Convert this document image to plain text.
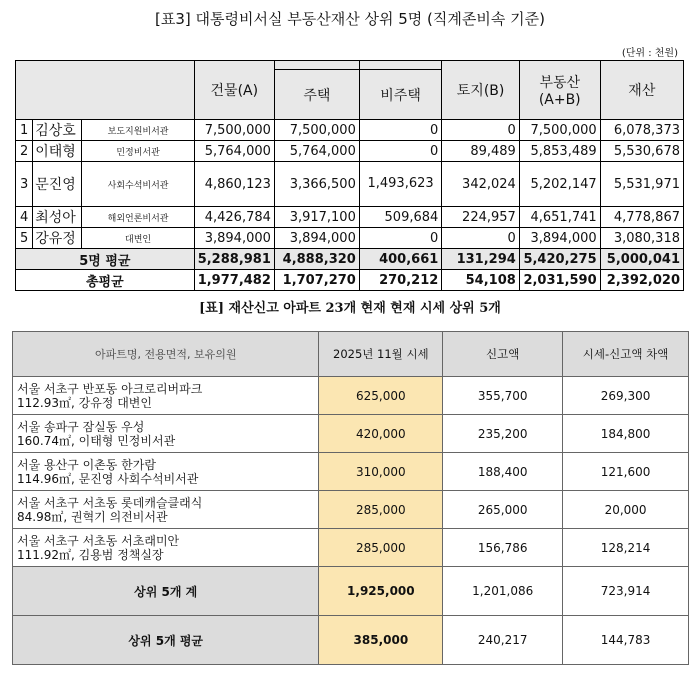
[표3] 대통령비서실 부동산재산 상위 5명 (직계존비속 기준)
(단위 : 천원)
			건물(A)			토지(B)	부동산(A+B)	재산
				주택	비주택			
1	김상호	보도지원비서관	7,500,000	7,500,000	0	0	7,500,000	6,078,373
2	이태형	민정비서관	5,764,000	5,764,000	0	89,489	5,853,489	5,530,678
3	문진영	사회수석비서관	4,860,123	3,366,500	1,493,623	342,024	5,202,147	5,531,971
4	최성아	해외언론비서관	4,426,784	3,917,100	509,684	224,957	4,651,741	4,778,867
5	강유정	대변인	3,894,000	3,894,000	0	0	3,894,000	3,080,318
5명 평균			5,288,981	4,888,320	400,661	131,294	5,420,275	5,000,041
총평균			1,977,482	1,707,270	270,212	54,108	2,031,590	2,392,020
[표] 재산신고 아파트 23개 현재 현재 시세 상위 5개
아파트명, 전용면적, 보유의원	2025년 11월 시세	신고액	시세-신고액 차액

서울 서초구 반포동 아크로리버파크
112.93㎡, 강유정 대변인	625,000	355,700	269,300

서울 송파구 잠실동 우성
160.74㎡, 이태형 민정비서관	420,000	235,200	184,800

서울 용산구 이촌동 한가람
114.96㎡, 문진영 사회수석비서관	310,000	188,400	121,600

서울 서초구 서초동 롯데캐슬클래식
84.98㎡, 권혁기 의전비서관	285,000	265,000	20,000

서울 서초구 서초동 서초래미안
111.92㎡, 김용범 정책실장	285,000	156,786	128,214
상위 5개 계	1,925,000	1,201,086	723,914
상위 5개 평균	385,000	240,217	144,783
